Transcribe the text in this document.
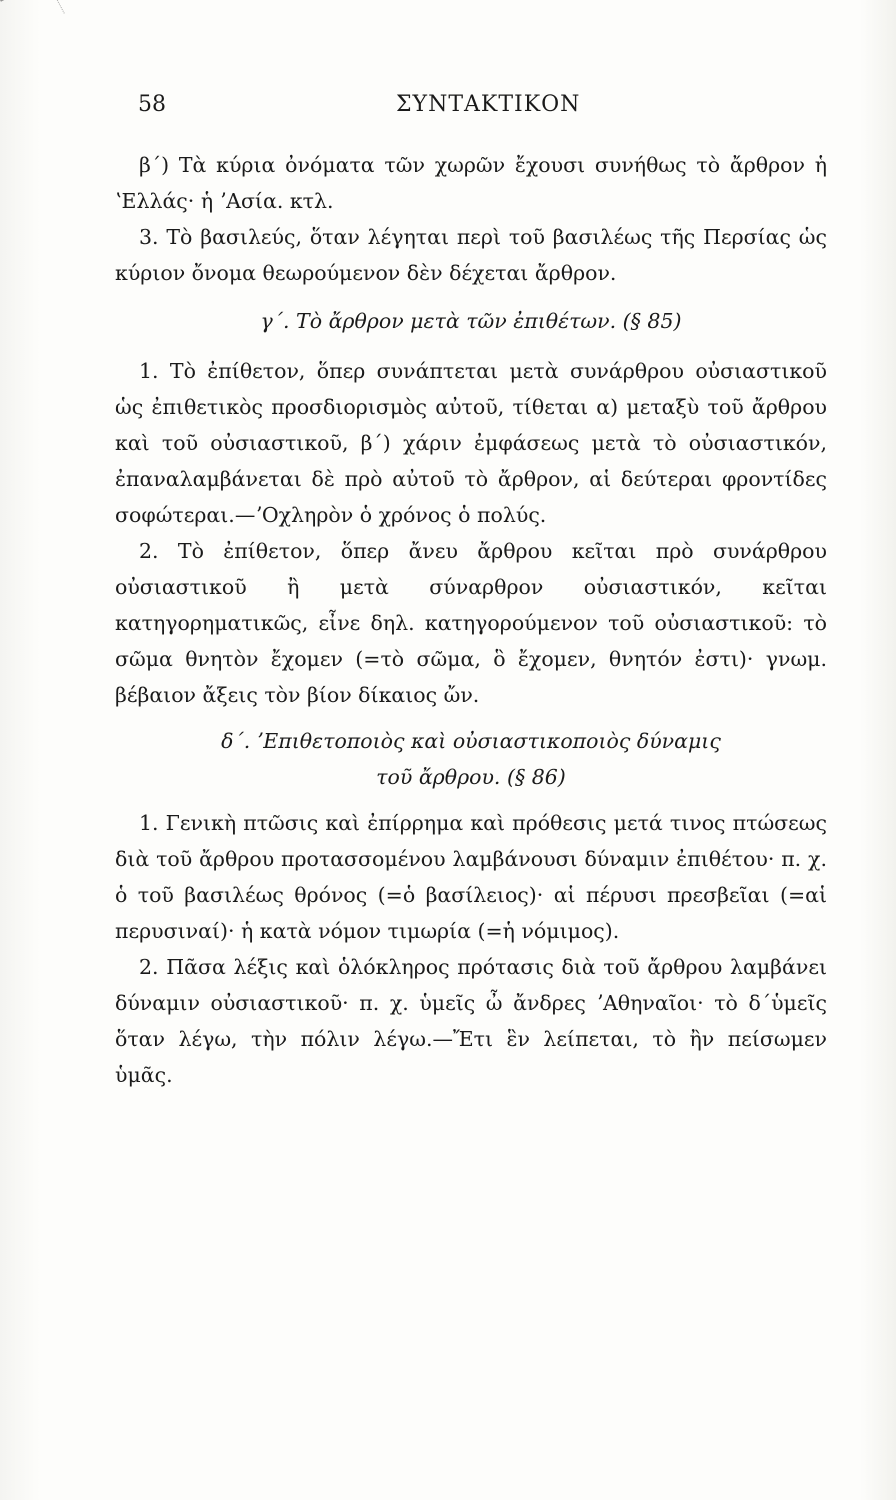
58	ΣΥΝΤΑΚΤΙΚΟΝ

β΄) Τὰ κύρια ὀνόματα τῶν χωρῶν ἔχουσι συνήθως τὸ ἄρθρον ἡ ʽΕλλάς· ἡ ʼΑσία. κτλ.

3. Τὸ βασιλεύς, ὅταν λέγηται περὶ τοῦ βασιλέως τῆς Περσίας ὡς κύριον ὄνομα θεωρούμενον δὲν δέχεται ἄρθρον.

γ΄. Τὸ ἄρθρον μετὰ τῶν ἐπιθέτων. (§ 85)

1. Τὸ ἐπίθετον, ὅπερ συνάπτεται μετὰ συνάρθρου οὐσιαστικοῦ ὡς ἐπιθετικὸς προσδιορισμὸς αὐτοῦ, τίθεται α) μεταξὺ τοῦ ἄρθρου καὶ τοῦ οὐσιαστικοῦ, β΄) χάριν ἐμφάσεως μετὰ τὸ οὐσιαστικόν, ἐπαναλαμβάνεται δὲ πρὸ αὐτοῦ τὸ ἄρθρον, αἱ δεύτεραι φροντίδες σοφώτεραι.—ʼΟχληρὸν ὁ χρόνος ὁ πολύς.

2. Τὸ ἐπίθετον, ὅπερ ἄνευ ἄρθρου κεῖται πρὸ συνάρθρου οὐσιαστικοῦ ἢ μετὰ σύναρθρον οὐσιαστικόν, κεῖται κατηγορηματικῶς, εἶνε δηλ. κατηγορούμενον τοῦ οὐσιαστικοῦ: τὸ σῶμα θνητὸν ἔχομεν (=τὸ σῶμα, ὃ ἔχομεν, θνητόν ἐστι)· γνωμ. βέβαιον ἄξεις τὸν βίον δίκαιος ὤν.

δ΄. ʼΕπιθετοποιὸς καὶ οὐσιαστικοποιὸς δύναμις

τοῦ ἄρθρου. (§ 86)

1. Γενικὴ πτῶσις καὶ ἐπίρρημα καὶ πρόθεσις μετά τινος πτώσεως διὰ τοῦ ἄρθρου προτασσομένου λαμβάνουσι δύναμιν ἐπιθέτου· π. χ. ὁ τοῦ βασιλέως θρόνος (=ὁ βασίλειος)· αἱ πέρυσι πρεσβεῖαι (=αἱ περυσιναί)· ἡ κατὰ νόμον τιμωρία (=ἡ νόμιμος).

2. Πᾶσα λέξις καὶ ὁλόκληρος πρότασις διὰ τοῦ ἄρθρου λαμβάνει δύναμιν οὐσιαστικοῦ· π. χ. ὑμεῖς ὦ ἄνδρες ʼΑθηναῖοι· τὸ δ΄ὑμεῖς ὅταν λέγω, τὴν πόλιν λέγω.—Ἔτι ἓν λείπεται, τὸ ἢν πείσωμεν ὑμᾶς.
